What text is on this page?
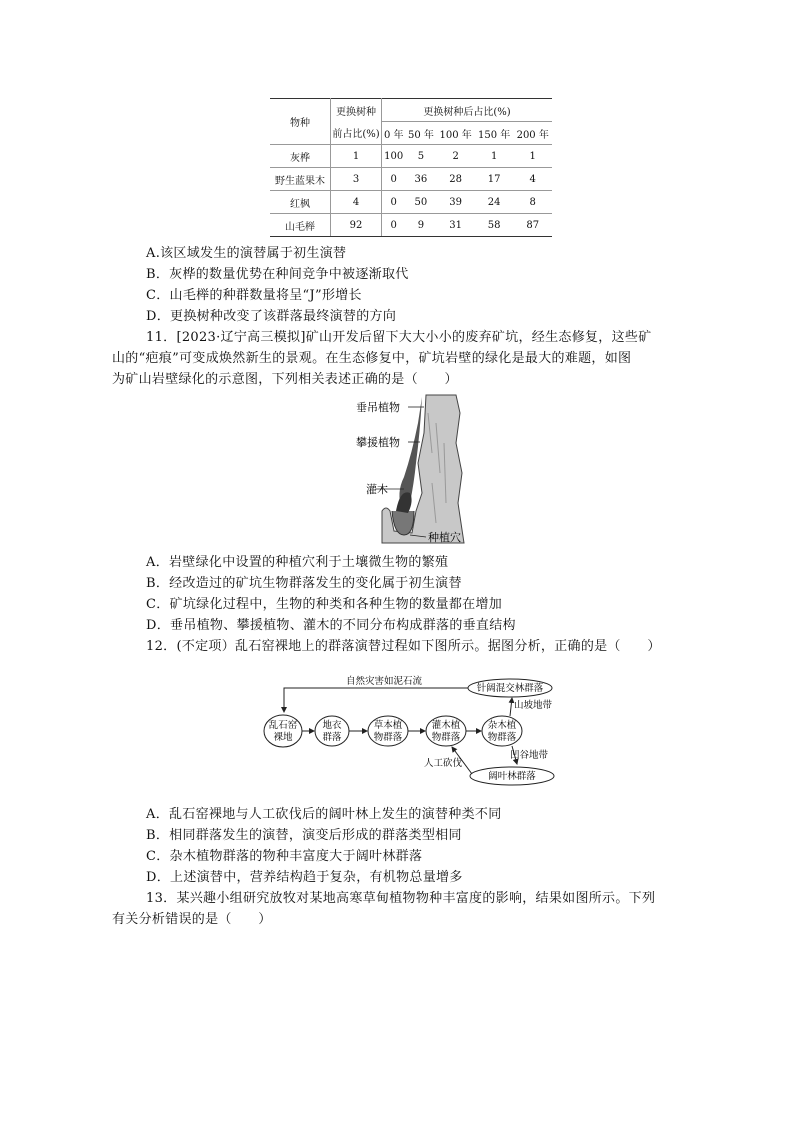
物种	更换树种	更换树种后占比(%)				
	前占比(%)	0 年	50 年	100 年	150 年	200 年
灰桦	1	100	5	2	1	1
野生蓝果木	3	0	36	28	17	4
红枫	4	0	50	39	24	8
山毛榉	92	0	9	31	58	87
A.该区域发生的演替属于初生演替
B．灰桦的数量优势在种间竞争中被逐渐取代
C．山毛榉的种群数量将呈“J”形增长
D．更换树种改变了该群落最终演替的方向
11．[2023·辽宁高三模拟]矿山开发后留下大大小小的废弃矿坑，经生态修复，这些矿
山的“疤痕”可变成焕然新生的景观。在生态修复中，矿坑岩壁的绿化是最大的难题，如图
为矿山岩壁绿化的示意图，下列相关表述正确的是（　　）
垂吊植物
攀援植物
灌木
种植穴
A．岩壁绿化中设置的种植穴利于土壤微生物的繁殖
B．经改造过的矿坑生物群落发生的变化属于初生演替
C．矿坑绿化过程中，生物的种类和各种生物的数量都在增加
D．垂吊植物、攀援植物、灌木的不同分布构成群落的垂直结构
12．(不定项）乱石窑裸地上的群落演替过程如下图所示。据图分析，正确的是（　　）
自然灾害如泥石流
针阔混交林群落
乱石窑
裸地
地衣
群落
草本植
物群落
灌木植
物群落
杂木植
物群落
山坡地带
凹谷地带
阔叶林群落
人工砍伐
A．乱石窑裸地与人工砍伐后的阔叶林上发生的演替种类不同
B．相同群落发生的演替，演变后形成的群落类型相同
C．杂木植物群落的物种丰富度大于阔叶林群落
D．上述演替中，营养结构趋于复杂，有机物总量增多
13．某兴趣小组研究放牧对某地高寒草甸植物物种丰富度的影响，结果如图所示。下列
有关分析错误的是（　　）
